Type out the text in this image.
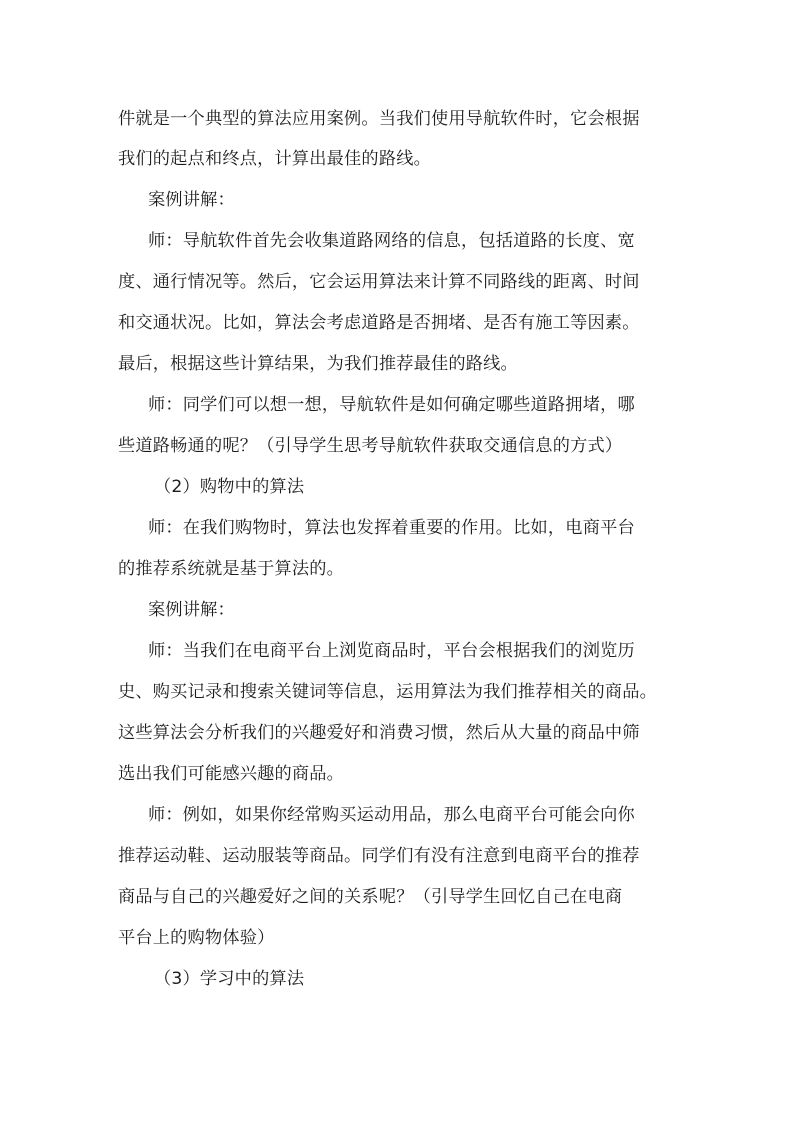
件就是一个典型的算法应用案例。当我们使用导航软件时，它会根据
我们的起点和终点，计算出最佳的路线。
案例讲解：
师：导航软件首先会收集道路网络的信息，包括道路的长度、宽
度、通行情况等。然后，它会运用算法来计算不同路线的距离、时间
和交通状况。比如，算法会考虑道路是否拥堵、是否有施工等因素。
最后，根据这些计算结果，为我们推荐最佳的路线。
师：同学们可以想一想，导航软件是如何确定哪些道路拥堵，哪
些道路畅通的呢？（引导学生思考导航软件获取交通信息的方式）
（2）购物中的算法
师：在我们购物时，算法也发挥着重要的作用。比如，电商平台
的推荐系统就是基于算法的。
案例讲解：
师：当我们在电商平台上浏览商品时，平台会根据我们的浏览历
史、购买记录和搜索关键词等信息，运用算法为我们推荐相关的商品。
这些算法会分析我们的兴趣爱好和消费习惯，然后从大量的商品中筛
选出我们可能感兴趣的商品。
师：例如，如果你经常购买运动用品，那么电商平台可能会向你
推荐运动鞋、运动服装等商品。同学们有没有注意到电商平台的推荐
商品与自己的兴趣爱好之间的关系呢？（引导学生回忆自己在电商
平台上的购物体验）
（3）学习中的算法
